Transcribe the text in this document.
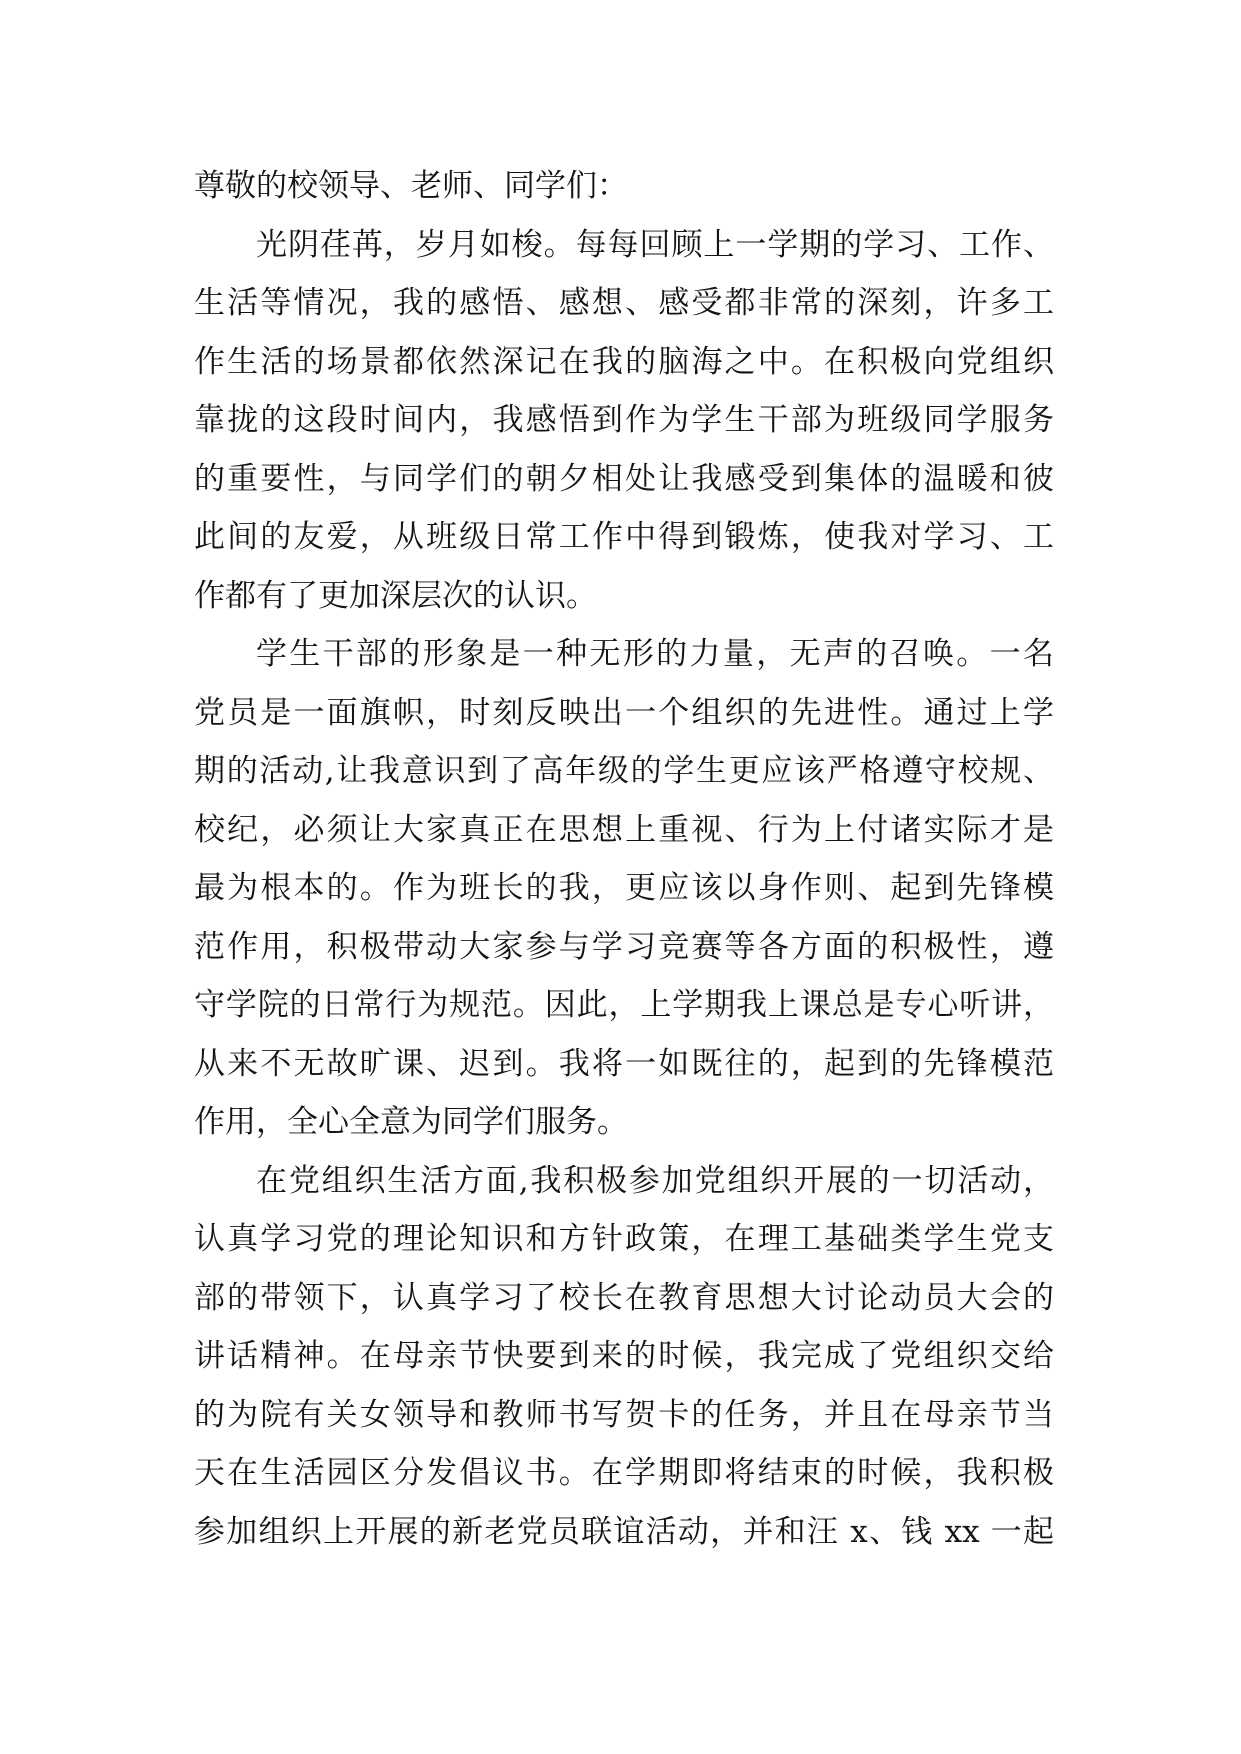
尊敬的校领导、老师、同学们：
光阴荏苒，岁月如梭。每每回顾上一学期的学习、工作、
生活等情况，我的感悟、感想、感受都非常的深刻，许多工
作生活的场景都依然深记在我的脑海之中。在积极向党组织
靠拢的这段时间内，我感悟到作为学生干部为班级同学服务
的重要性，与同学们的朝夕相处让我感受到集体的温暖和彼
此间的友爱，从班级日常工作中得到锻炼，使我对学习、工
作都有了更加深层次的认识。
学生干部的形象是一种无形的力量，无声的召唤。一名
党员是一面旗帜，时刻反映出一个组织的先进性。通过上学
期的活动,让我意识到了高年级的学生更应该严格遵守校规、
校纪，必须让大家真正在思想上重视、行为上付诸实际才是
最为根本的。作为班长的我，更应该以身作则、起到先锋模
范作用，积极带动大家参与学习竞赛等各方面的积极性，遵
守学院的日常行为规范。因此，上学期我上课总是专心听讲，
从来不无故旷课、迟到。我将一如既往的，起到的先锋模范
作用，全心全意为同学们服务。
在党组织生活方面,我积极参加党组织开展的一切活动，
认真学习党的理论知识和方针政策，在理工基础类学生党支
部的带领下，认真学习了校长在教育思想大讨论动员大会的
讲话精神。在母亲节快要到来的时候，我完成了党组织交给
的为院有关女领导和教师书写贺卡的任务，并且在母亲节当
天在生活园区分发倡议书。在学期即将结束的时候，我积极
参加组织上开展的新老党员联谊活动，并和汪 x、钱 xx 一起
